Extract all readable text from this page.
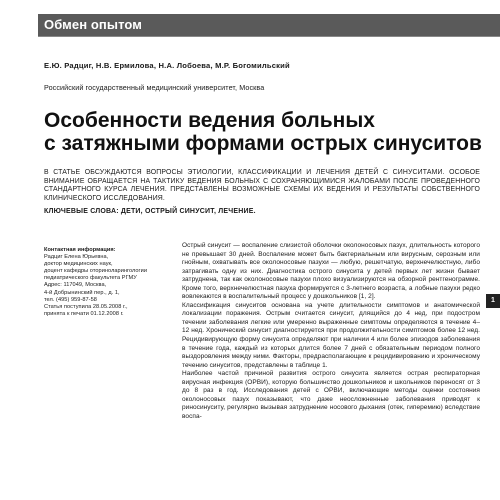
Обмен опытом
Е.Ю. Радциг, Н.В. Ермилова, Н.А. Лобоева, М.Р. Богомильский
Российский государственный медицинский университет, Москва
Особенности ведения больных
с затяжными формами острых синуситов
В СТАТЬЕ ОБСУЖДАЮТСЯ ВОПРОСЫ ЭТИОЛОГИИ, КЛАССИФИКАЦИИ И ЛЕЧЕНИЯ ДЕТЕЙ С СИНУСИТАМИ. ОСОБОЕ ВНИМАНИЕ ОБРАЩАЕТСЯ НА ТАКТИКУ ВЕДЕНИЯ БОЛЬНЫХ С СОХРАНЯЮЩИМИСЯ ЖАЛОБАМИ ПОСЛЕ ПРОВЕДЕННОГО СТАНДАРТНОГО КУРСА ЛЕЧЕНИЯ. ПРЕДСТАВЛЕНЫ ВОЗМОЖНЫЕ СХЕМЫ ИХ ВЕДЕНИЯ И РЕЗУЛЬТАТЫ СОБСТВЕННОГО КЛИНИЧЕСКОГО ИССЛЕДОВАНИЯ.
КЛЮЧЕВЫЕ СЛОВА: ДЕТИ, ОСТРЫЙ СИНУСИТ, ЛЕЧЕНИЕ.
Контактная информация:
Радциг Елена Юрьевна,
доктор медицинских наук,
доцент кафедры оториноларингологии
педиатрического факультета РГМУ
Адрес: 117049, Москва,
4-й Добрынинский пер., д. 1,
тел. (495) 959-87-58
Статья поступила 28.05.2008 г.,
принята к печати 01.12.2008 г.

Острый синусит — воспаление слизистой оболочки околоносовых пазух, длительность которого не превышает 30 дней. Воспаление может быть бактериальным или вирусным, серозным или гнойным, охватывать все околоносовые пазухи — любую, решетчатую, верхнечелюстную, либо затрагивать одну из них. Диагностика острого синусита у детей первых лет жизни бывает затруднена, так как околоносовые пазухи плохо визуализируются на обзорной рентгенограмме. Кроме того, верхнечелюстная пазуха формируется с 3-летнего возраста, а лобные пазухи редко вовлекаются в воспалительный процесс у дошкольников [1, 2].

Классификация синуситов основана на учете длительности симптомов и анатомической локализации поражения. Острым считается синусит, длящийся до 4 нед, при подостром течении заболевания легкие или умеренно выраженные симптомы определяются в течение 4–12 нед. Хронический синусит диагностируется при продолжительности симптомов более 12 нед. Рецидивирующую форму синусита определяют при наличии 4 или более эпизодов заболевания в течение года, каждый из которых длится более 7 дней с обязательным периодом полного выздоровления между ними. Факторы, предрасполагающие к рецидивированию и хроническому течению синуситов, представлены в таблице 1.

Наиболее частой причиной развития острого синусита является острая респираторная вирусная инфекция (ОРВИ), которую большинство дошкольников и школьников переносят от 3 до 8 раз в год. Исследования детей с ОРВИ, включающие методы оценки состояния околоносовых пазух показывают, что даже неосложненные заболевания приводят к риносинуситу, регулярно вызывая затруднение носового дыхания (отек, гиперемию) вследствие воспа-

1
